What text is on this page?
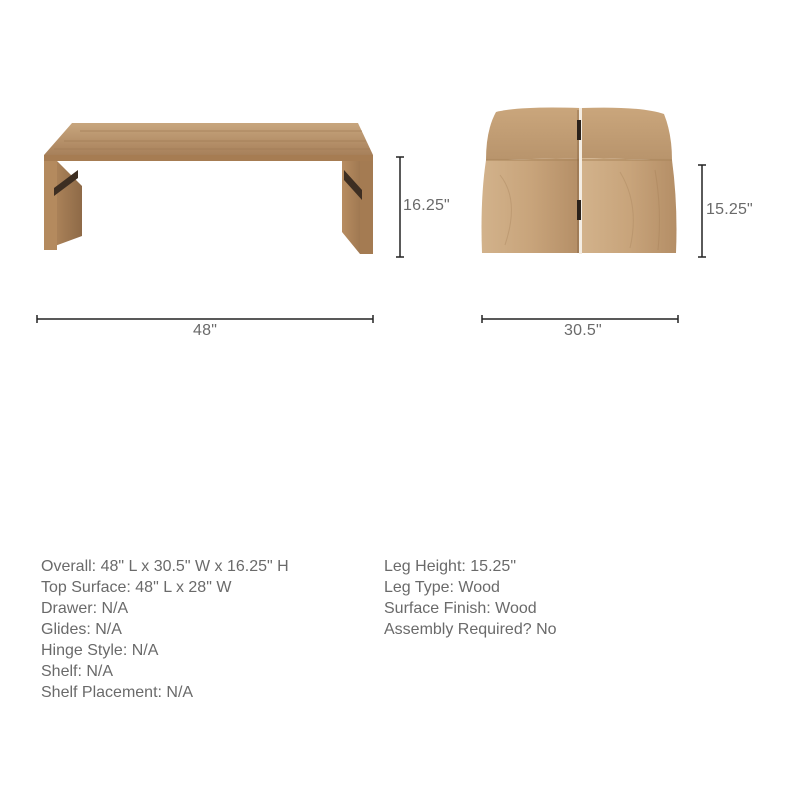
16.25"
48"
15.25"
30.5"
Overall: 48" L x 30.5" W x 16.25" H
Top Surface: 48" L x 28" W
Drawer: N/A
Glides: N/A
Hinge Style: N/A
Shelf: N/A
Shelf Placement: N/A
Leg Height: 15.25"
Leg Type: Wood
Surface Finish: Wood
Assembly Required? No
